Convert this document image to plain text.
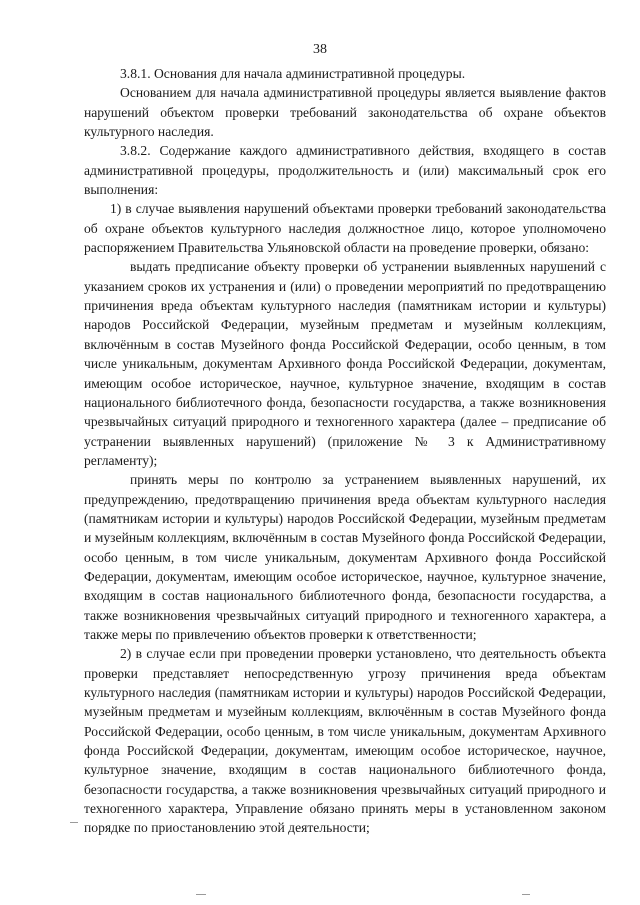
38

3.8.1. Основания для начала административной процедуры.

Основанием для начала административной процедуры является выявление фактов нарушений объектом проверки требований законодательства об охране объектов культурного наследия.

3.8.2. Содержание каждого административного действия, входящего в состав административной процедуры, продолжительность и (или) максимальный срок его выполнения:

1) в случае выявления нарушений объектами проверки требований законодательства об охране объектов культурного наследия должностное лицо, которое уполномочено распоряжением Правительства Ульяновской области на проведение проверки, обязано:

выдать предписание объекту проверки об устранении выявленных нарушений с указанием сроков их устранения и (или) о проведении мероприятий по предотвращению причинения вреда объектам культурного наследия (памятникам истории и культуры) народов Российской Федерации, музейным предметам и музейным коллекциям, включённым в состав Музейного фонда Российской Федерации, особо ценным, в том числе уникальным, документам Архивного фонда Российской Федерации, документам, имеющим особое историческое, научное, культурное значение, входящим в состав национального библиотечного фонда, безопасности государства, а также возникновения чрезвычайных ситуаций природного и техногенного характера (далее – предписание об устранении выявленных нарушений) (приложение № 3 к Административному регламенту);

принять меры по контролю за устранением выявленных нарушений, их предупреждению, предотвращению причинения вреда объектам культурного наследия (памятникам истории и культуры) народов Российской Федерации, музейным предметам и музейным коллекциям, включённым в состав Музейного фонда Российской Федерации, особо ценным, в том числе уникальным, документам Архивного фонда Российской Федерации, документам, имеющим особое историческое, научное, культурное значение, входящим в состав национального библиотечного фонда, безопасности государства, а также возникновения чрезвычайных ситуаций природного и техногенного характера, а также меры по привлечению объектов проверки к ответственности;

2) в случае если при проведении проверки установлено, что деятельность объекта проверки представляет непосредственную угрозу причинения вреда объектам культурного наследия (памятникам истории и культуры) народов Российской Федерации, музейным предметам и музейным коллекциям, включённым в состав Музейного фонда Российской Федерации, особо ценным, в том числе уникальным, документам Архивного фонда Российской Федерации, документам, имеющим особое историческое, научное, культурное значение, входящим в состав национального библиотечного фонда, безопасности государства, а также возникновения чрезвычайных ситуаций природного и техногенного характера, Управление обязано принять меры в установленном законом порядке по приостановлению этой деятельности;
